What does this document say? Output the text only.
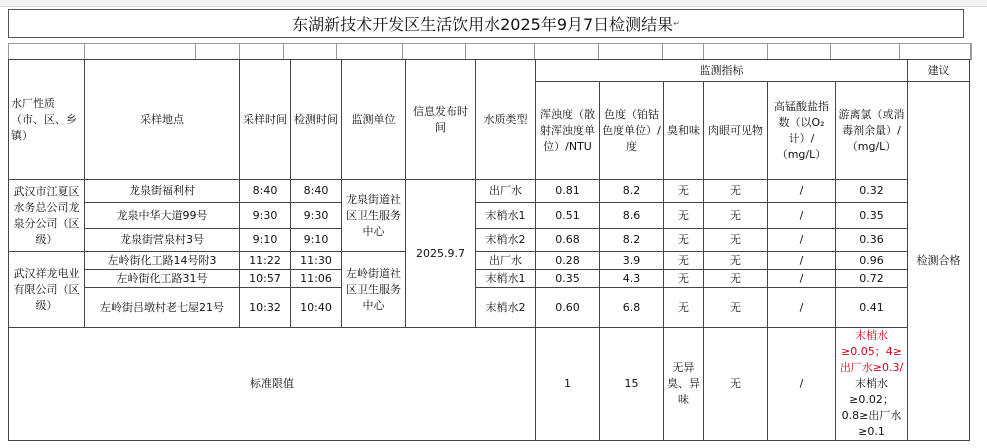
东湖新技术开发区生活饮用水2025年9月7日检测结果 ↵
水厂性质（市、区、乡镇）	采样地点	采样时间	检测时间	监测单位	信息发布时间	水质类型	监测指标						建议
							浑浊度（散射浑浊度单位）/NTU	色度（铂钴色度单位）/度	臭和味	肉眼可见物	高锰酸盐指数（以O₂计）/（mg/L）	游离氯（或消毒剂余量）/（mg/L）	检测合格
武汉市江夏区水务总公司龙泉分公司（区级）	龙泉街福利村	8:40	8:40	龙泉街道社区卫生服务中心	2025.9.7	出厂水	0.81	8.2	无	无	/	0.32	
	龙泉中华大道99号	9:30	9:30			末梢水1	0.51	8.6	无	无	/	0.35	
	龙泉街营泉村3号	9:10	9:10			末梢水2	0.68	8.2	无	无	/	0.36	
武汉祥龙电业有限公司（区级）	左岭街化工路14号附3	11:22	11:30	左岭街道社区卫生服务中心		出厂水	0.28	3.9	无	无	/	0.96	
	左岭街化工路31号	10:57	11:06			末梢水1	0.35	4.3	无	无	/	0.72	
	左岭街吕墩村老七屋21号	10:32	10:40			末梢水2	0.60	6.8	无	无	/	0.41	
标准限值							1	15	无异臭、异味	无	/	末梢水≥0.05；4≥出厂水≥0.3/
末梢水≥0.02；0.8≥出厂水≥0.1	
